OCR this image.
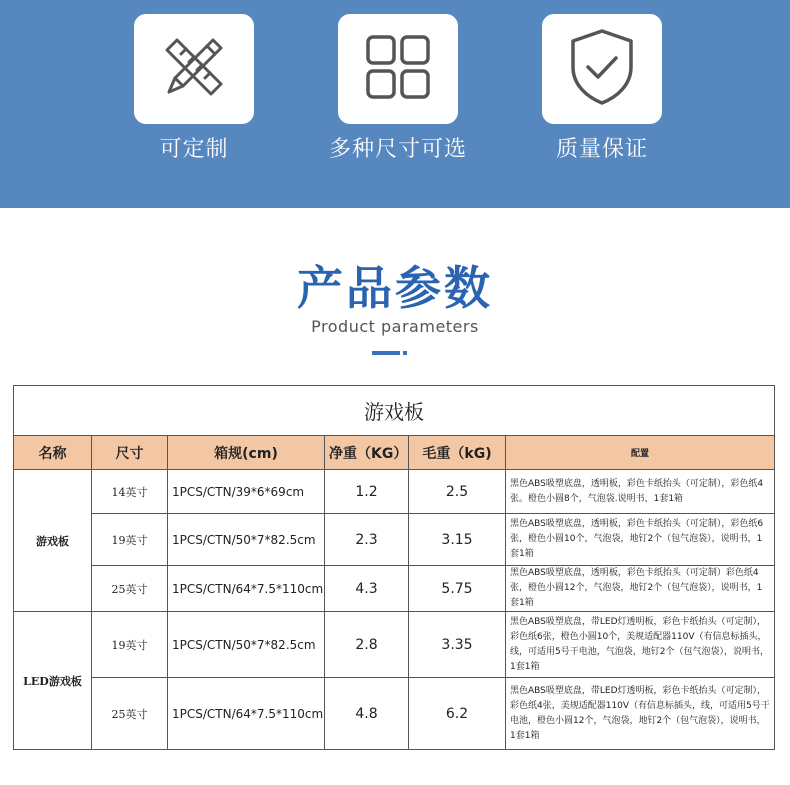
可定制	多种尺寸可选	质量保证
产品参数
Product parameters
游戏板					
名称	尺寸	箱规(cm)	净重（KG）	毛重（kG)	配置
游戏板	14英寸	1PCS/CTN/39*6*69cm	1.2	2.5	黑色ABS吸塑底盘，透明板，彩色卡纸抬头（可定制），彩色纸4张。橙色小圆8个，气泡袋.说明书，1套1箱
	19英寸	1PCS/CTN/50*7*82.5cm	2.3	3.15	黑色ABS吸塑底盘，透明板，彩色卡纸抬头（可定制），彩色纸6张，橙色小圆10个，气泡袋，地钉2个（包气泡袋），说明书，1套1箱
	25英寸	1PCS/CTN/64*7.5*110cm	4.3	5.75	黑色ABS吸塑底盘，透明板，彩色卡纸抬头（可定制）彩色纸4张，橙色小圆12个，气泡袋，地钉2个（包气泡袋），说明书，1套1箱
LED游戏板	19英寸	1PCS/CTN/50*7*82.5cm	2.8	3.35	黑色ABS吸塑底盘，带LED灯透明板，彩色卡纸抬头（可定制），彩色纸6张，橙色小圆10个，美规适配器110V（有信息标插头，线，可适用5号干电池，气泡袋，地钉2个（包气泡袋），说明书，1套1箱
	25英寸	1PCS/CTN/64*7.5*110cm	4.8	6.2	黑色ABS吸塑底盘，带LED灯透明板，彩色卡纸抬头（可定制），彩色纸4张，美规适配器110V（有信息标插头，线，可适用5号干电池，橙色小圆12个，气泡袋，地钉2个（包气泡袋），说明书，1套1箱
